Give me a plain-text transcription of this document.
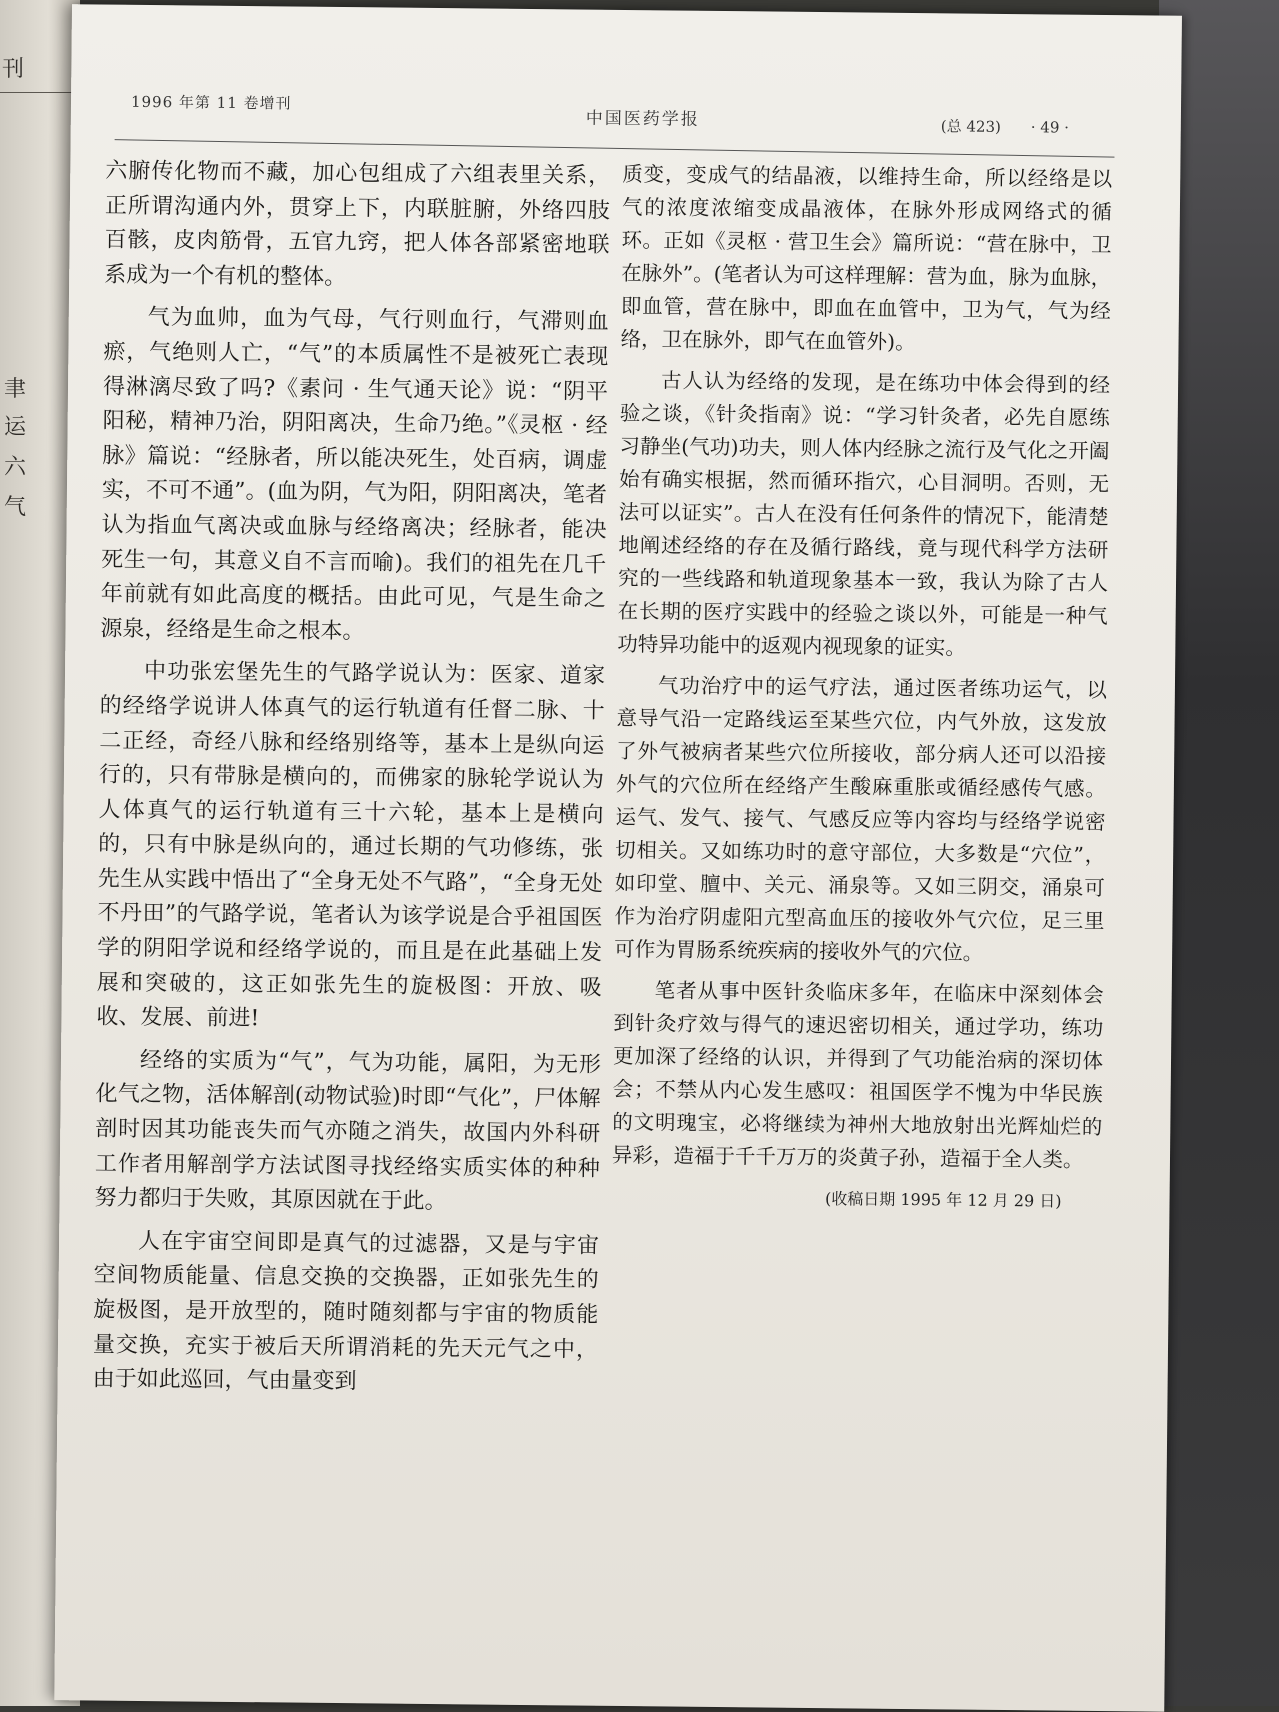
刊
聿
运
六
气
1996 年第 11 卷增刊
中国医药学报	(总 423) · 49 ·

六腑传化物而不藏，加心包组成了六组表里关系，正所谓沟通内外，贯穿上下，内联脏腑，外络四肢百骸，皮肉筋骨，五官九窍，把人体各部紧密地联系成为一个有机的整体。

气为血帅，血为气母，气行则血行，气滞则血瘀，气绝则人亡，“气”的本质属性不是被死亡表现得淋漓尽致了吗?《素问 · 生气通天论》说：“阴平阳秘，精神乃治，阴阳离决，生命乃绝。”《灵枢 · 经脉》篇说：“经脉者，所以能决死生，处百病，调虚实，不可不通”。(血为阴，气为阳，阴阳离决，笔者认为指血气离决或血脉与经络离决；经脉者，能决死生一句，其意义自不言而喻)。我们的祖先在几千年前就有如此高度的概括。由此可见，气是生命之源泉，经络是生命之根本。

中功张宏堡先生的气路学说认为：医家、道家的经络学说讲人体真气的运行轨道有任督二脉、十二正经，奇经八脉和经络别络等，基本上是纵向运行的，只有带脉是横向的，而佛家的脉轮学说认为人体真气的运行轨道有三十六轮，基本上是横向的，只有中脉是纵向的，通过长期的气功修练，张先生从实践中悟出了“全身无处不气路”，“全身无处不丹田”的气路学说，笔者认为该学说是合乎祖国医学的阴阳学说和经络学说的，而且是在此基础上发展和突破的，这正如张先生的旋极图：开放、吸收、发展、前进!

经络的实质为“气”，气为功能，属阳，为无形化气之物，活体解剖(动物试验)时即“气化”，尸体解剖时因其功能丧失而气亦随之消失，故国内外科研工作者用解剖学方法试图寻找经络实质实体的种种努力都归于失败，其原因就在于此。

人在宇宙空间即是真气的过滤器，又是与宇宙空间物质能量、信息交换的交换器，正如张先生的旋极图，是开放型的，随时随刻都与宇宙的物质能量交换，充实于被后天所谓消耗的先天元气之中，由于如此巡回，气由量变到

质变，变成气的结晶液，以维持生命，所以经络是以气的浓度浓缩变成晶液体，在脉外形成网络式的循环。正如《灵枢 · 营卫生会》篇所说：“营在脉中，卫在脉外”。(笔者认为可这样理解：营为血，脉为血脉，即血管，营在脉中，即血在血管中，卫为气，气为经络，卫在脉外，即气在血管外)。

古人认为经络的发现，是在练功中体会得到的经验之谈，《针灸指南》说：“学习针灸者，必先自愿练习静坐(气功)功夫，则人体内经脉之流行及气化之开阖始有确实根据，然而循环指穴，心目洞明。否则，无法可以证实”。古人在没有任何条件的情况下，能清楚地阐述经络的存在及循行路线，竟与现代科学方法研究的一些线路和轨道现象基本一致，我认为除了古人在长期的医疗实践中的经验之谈以外，可能是一种气功特异功能中的返观内视现象的证实。

气功治疗中的运气疗法，通过医者练功运气，以意导气沿一定路线运至某些穴位，内气外放，这发放了外气被病者某些穴位所接收，部分病人还可以沿接外气的穴位所在经络产生酸麻重胀或循经感传气感。运气、发气、接气、气感反应等内容均与经络学说密切相关。又如练功时的意守部位，大多数是“穴位”，如印堂、膻中、关元、涌泉等。又如三阴交，涌泉可作为治疗阴虚阳亢型高血压的接收外气穴位，足三里可作为胃肠系统疾病的接收外气的穴位。

笔者从事中医针灸临床多年，在临床中深刻体会到针灸疗效与得气的速迟密切相关，通过学功，练功更加深了经络的认识，并得到了气功能治病的深切体会；不禁从内心发生感叹：祖国医学不愧为中华民族的文明瑰宝，必将继续为神州大地放射出光辉灿烂的异彩，造福于千千万万的炎黄子孙，造福于全人类。

(收稿日期 1995 年 12 月 29 日)
